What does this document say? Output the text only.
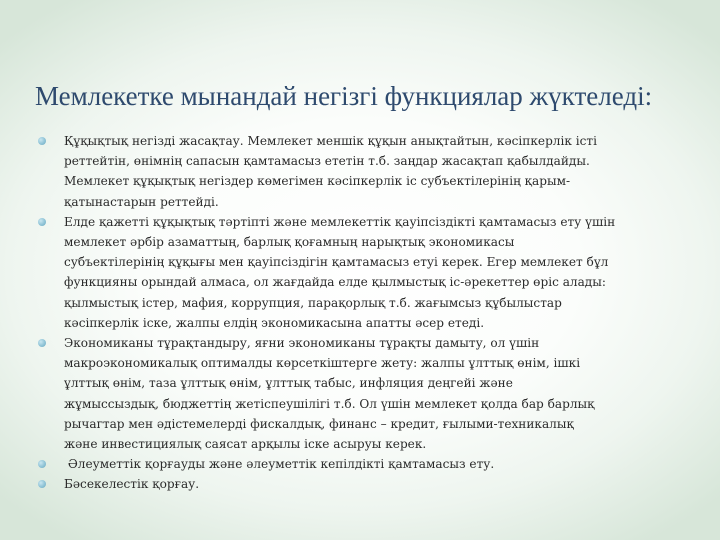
Мемлекетке мынандай негізгі функциялар жүктеледі:
Құқықтық негізді жасақтау. Мемлекет меншік құқын анықтайтын, кәсіпкерлік істі
реттейтін, өнімнің сапасын қамтамасыз ететін т.б. заңдар жасақтап қабылдайды.
Мемлекет құқықтық негіздер көмегімен кәсіпкерлік іс субъектілерінің қарым-
қатынастарын реттейді.
Елде қажетті құқықтық тәртіпті және мемлекеттік қауіпсіздікті қамтамасыз ету үшін
мемлекет әрбір азаматтың, барлық қоғамның нарықтық экономикасы
субъектілерінің құқығы мен қауіпсіздігін қамтамасыз етуі керек. Егер мемлекет бұл
функцияны орындай алмаса, ол жағдайда елде қылмыстық іс-әрекеттер өріс алады:
қылмыстық істер, мафия, коррупция, парақорлық т.б. жағымсыз құбылыстар
кәсіпкерлік іске, жалпы елдің экономикасына апатты әсер етеді.
Экономиканы тұрақтандыру, яғни экономиканы тұрақты дамыту, ол үшін
макроэкономикалық оптималды көрсеткіштерге жету: жалпы ұлттық өнім, ішкі
ұлттық өнім, таза ұлттық өнім, ұлттық табыс, инфляция деңгейі және
жұмыссыздық, бюджеттің жетіспеушілігі т.б. Ол үшін мемлекет қолда бар барлық
рычагтар мен әдістемелерді фискалдық, финанс – кредит, ғылыми-техникалық
және инвестициялық саясат арқылы іске асыруы керек.
Әлеуметтік қорғауды және әлеуметтік кепілдікті қамтамасыз ету.
Бәсекелестік қорғау.
